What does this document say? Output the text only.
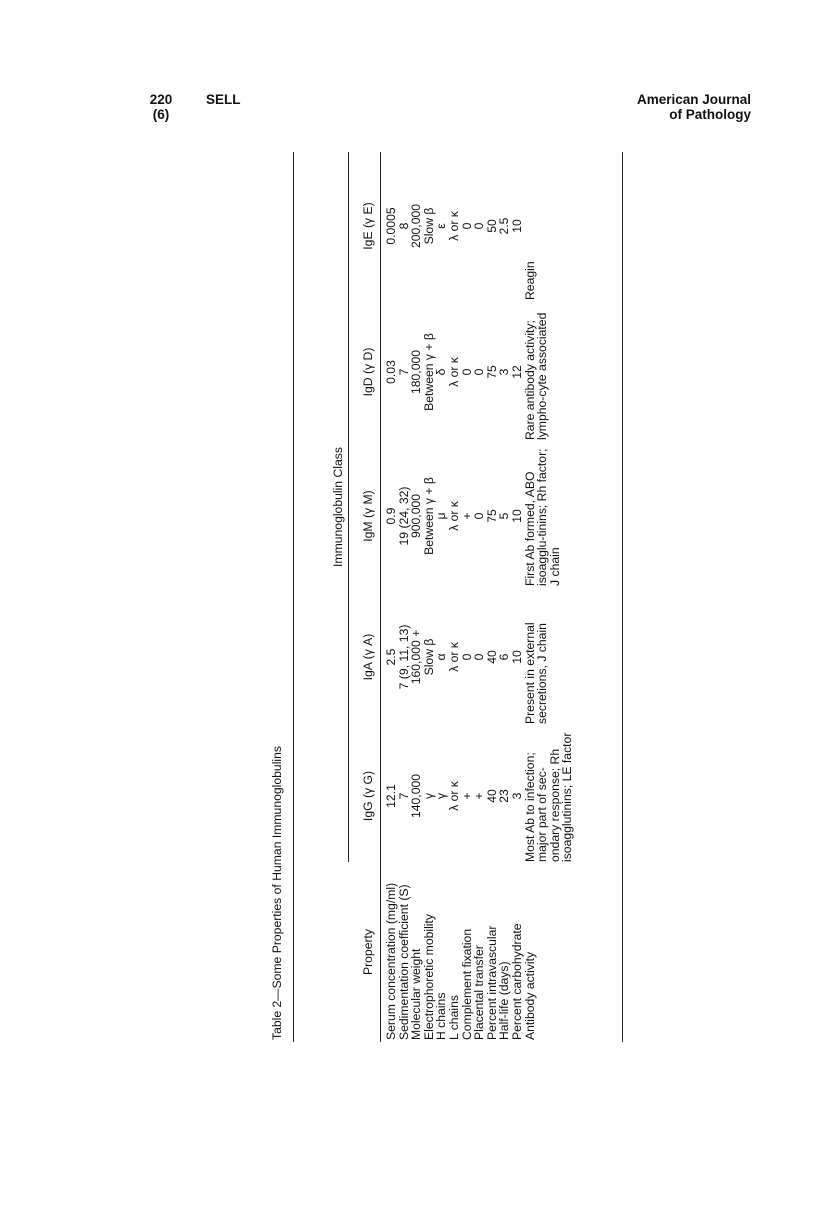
220
(6)
SELL	American Journal
of Pathology
Table 2—Some Properties of Human Immunoglobulins
Immunoglobulin Class
Property Serum concentration (mg/ml)
Sedimentation coefficient (S)
Molecular weight
Electrophoretic mobility
H chains
L chains
Complement fixation
Placental transfer
Percent intravascular
Half-life (days)
Percent carbohydrate
Antibody activity
IgG (γ G) 12.1
7
140,000
γ
γ
λ or κ
+
+
40
23
3
Most Ab to infection; major part of sec-ondary response; Rh isoagglutinins; LE factor
IgA (γ A) 2.5
7 (9, 11, 13)
160,000 +
Slow β
α
λ or κ
0
0
40
6
10
Present in external secretions, J chain
IgM (γ M) 0.9
19 (24, 32)
900,000
Between γ + β
μ
λ or κ
+
0
75
5
10
First Ab formed, ABO isoagglu-tinins; Rh factor; J chain
IgD (γ D) 0.03
7
180,000
Between γ + β
δ
λ or κ
0
0
75
3
12
Rare antibody activity; lympho-cyte associated
IgE (γ E) 0.0005
8
200,000
Slow β
ε
λ or κ
0
0
50
2.5
10
Reagin
